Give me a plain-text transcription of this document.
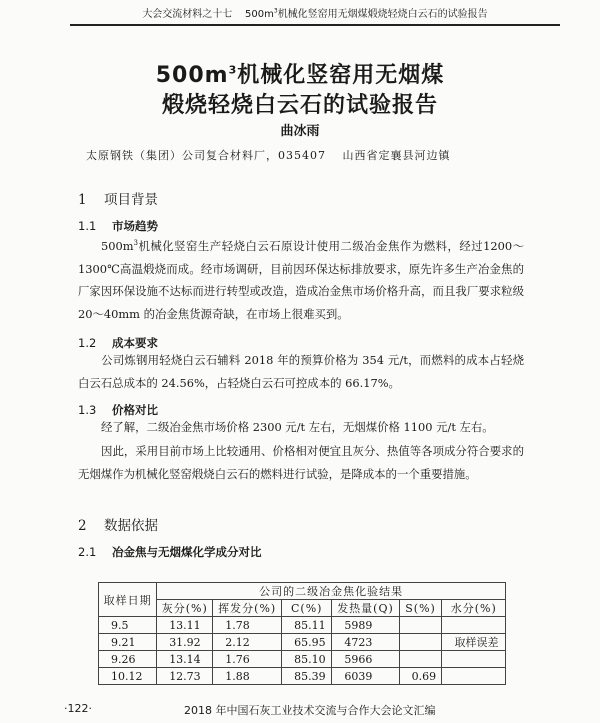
大会交流材料之十七 $500m^3$机械化竖窑用无烟煤煅烧轻烧白云石的试验报告
$500m^3$机械化竖窑用无烟煤
煅烧轻烧白云石的试验报告
曲冰雨
太原钢铁（集团）公司复合材料厂，035407 山西省定襄县河边镇
1 项目背景
1.1 市场趋势

$500m^3$机械化竖窑生产轻烧白云石原设计使用二级冶金焦作为燃料，经过1200～1300℃高温煅烧而成。经市场调研，目前因环保达标排放要求，原先许多生产冶金焦的厂家因环保设施不达标而进行转型或改造，造成冶金焦市场价格升高，而且我厂要求粒级 20～40mm 的冶金焦货源奇缺，在市场上很难买到。

1.2 成本要求

公司炼钢用轻烧白云石辅料 2018 年的预算价格为 354 元/t，而燃料的成本占轻烧白云石总成本的 24.56%，占轻烧白云石可控成本的 66.17%。

1.3 价格对比

经了解，二级冶金焦市场价格 2300 元/t 左右，无烟煤价格 1100 元/t 左右。

因此，采用目前市场上比较通用、价格相对便宜且灰分、热值等各项成分符合要求的无烟煤作为机械化竖窑煅烧白云石的燃料进行试验，是降成本的一个重要措施。

2 数据依据
2.1 冶金焦与无烟煤化学成分对比
取样日期	公司的二级冶金焦化验结果					
	灰分(%)	挥发分(%)	C(%)	发热量(Q)	S(%)	水分(%)
9.5	13.11	1.78	85.11	5989		
9.21	31.92	2.12	65.95	4723		取样误差
9.26	13.14	1.76	85.10	5966		
10.12	12.73	1.88	85.39	6039	0.69	
·122·	2018 年中国石灰工业技术交流与合作大会论文汇编
